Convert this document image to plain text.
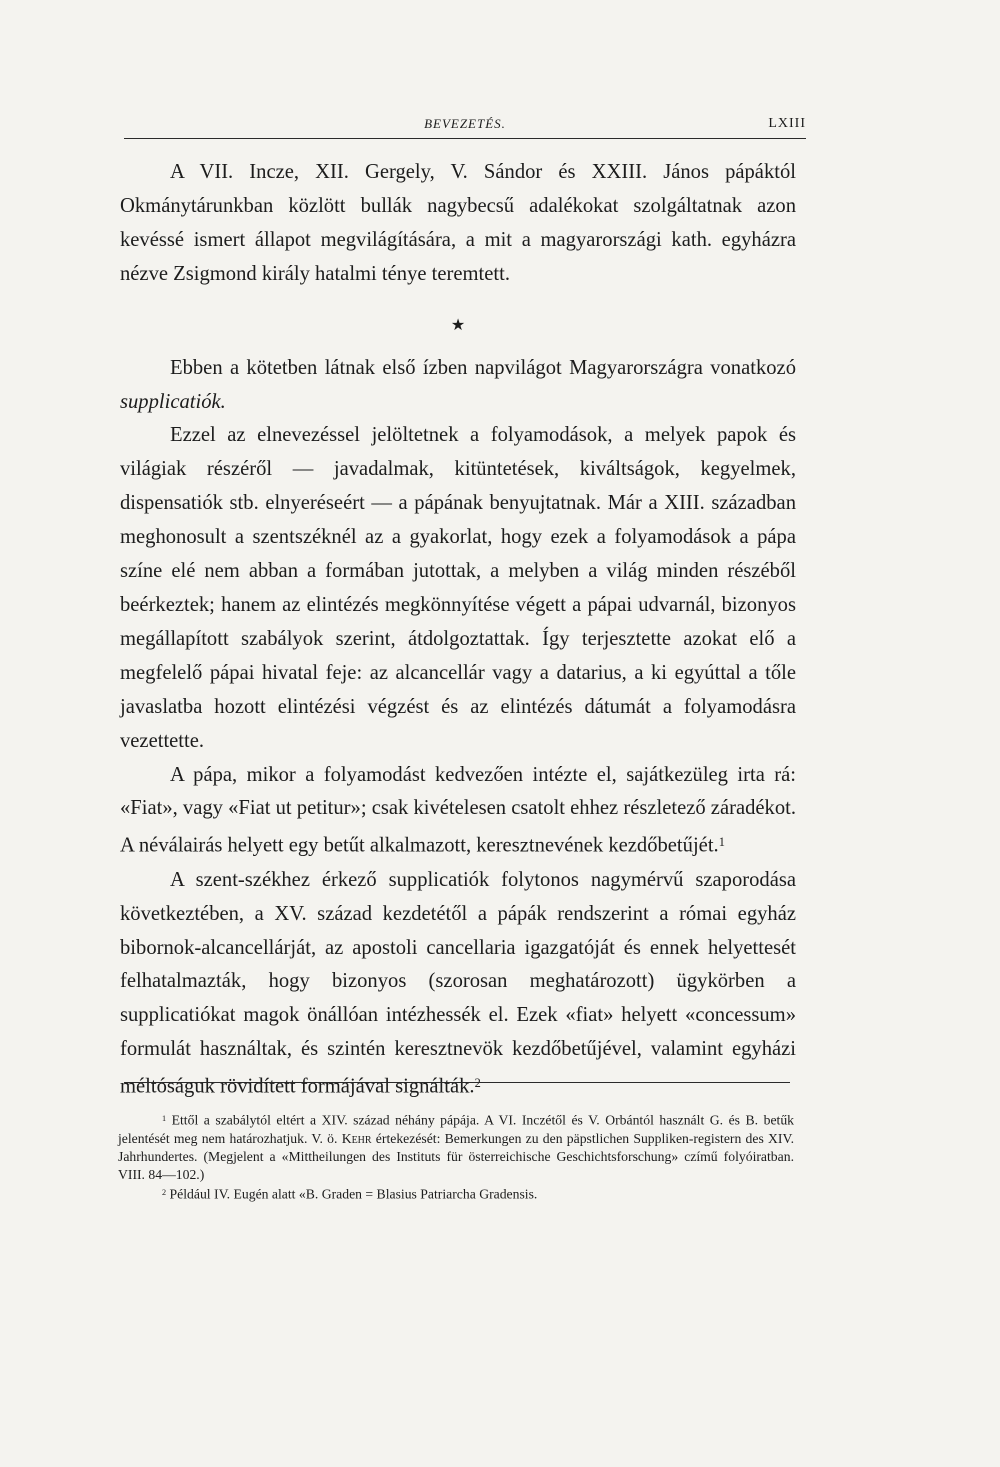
BEVEZETÉS.	LXIII

A VII. Incze, XII. Gergely, V. Sándor és XXIII. János pápáktól Okmánytárunkban közlött bullák nagybecsű adalékokat szolgáltatnak azon kevéssé ismert állapot megvilágítására, a mit a magyarországi kath. egyházra nézve Zsigmond király hatalmi ténye teremtett.

★

Ebben a kötetben látnak első ízben napvilágot Magyarországra vonatkozó supplicatiók.

Ezzel az elnevezéssel jelöltetnek a folyamodások, a melyek papok és világiak részéről — javadalmak, kitüntetések, kiváltságok, kegyelmek, dispensatiók stb. elnyeréseért — a pápának benyujtatnak. Már a XIII. században meghonosult a szentszéknél az a gyakorlat, hogy ezek a folyamodások a pápa színe elé nem abban a formában jutottak, a melyben a világ minden részéből beérkeztek; hanem az elintézés megkönnyítése végett a pápai udvarnál, bizonyos megállapított szabályok szerint, átdolgoztattak. Így terjesztette azokat elő a megfelelő pápai hivatal feje: az alcancellár vagy a datarius, a ki egyúttal a tőle javaslatba hozott elintézési végzést és az elintézés dátumát a folyamodásra vezettette.

A pápa, mikor a folyamodást kedvezően intézte el, sajátkezüleg irta rá: «Fiat», vagy «Fiat ut petitur»; csak kivételesen csatolt ehhez részletező záradékot. A néválairás helyett egy betűt alkalmazott, keresztnevének kezdőbetűjét.$^1$

A szent-székhez érkező supplicatiók folytonos nagymérvű szaporodása következtében, a XV. század kezdetétől a pápák rendszerint a római egyház bibornok-alcancellárját, az apostoli cancellaria igazgatóját és ennek helyettesét felhatalmazták, hogy bizonyos (szorosan meghatározott) ügykörben a supplicatiókat magok önállóan intézhessék el. Ezek «fiat» helyett «concessum» formulát használtak, és szintén keresztnevök kezdőbetűjével, valamint egyházi méltóságuk rövidített formájával signálták.$^2$

$^1$ Ettől a szabálytól eltért a XIV. század néhány pápája. A VI. Inczétől és V. Orbántól használt G. és B. betűk jelentését meg nem határozhatjuk. V. ö. Kehr értekezését: Bemerkungen zu den päpstlichen Suppliken-registern des XIV. Jahrhundertes. (Megjelent a «Mittheilungen des Instituts für österreichische Geschichtsforschung» czímű folyóiratban. VIII. 84—102.)

$^2$ Például IV. Eugén alatt «B. Graden = Blasius Patriarcha Gradensis.
